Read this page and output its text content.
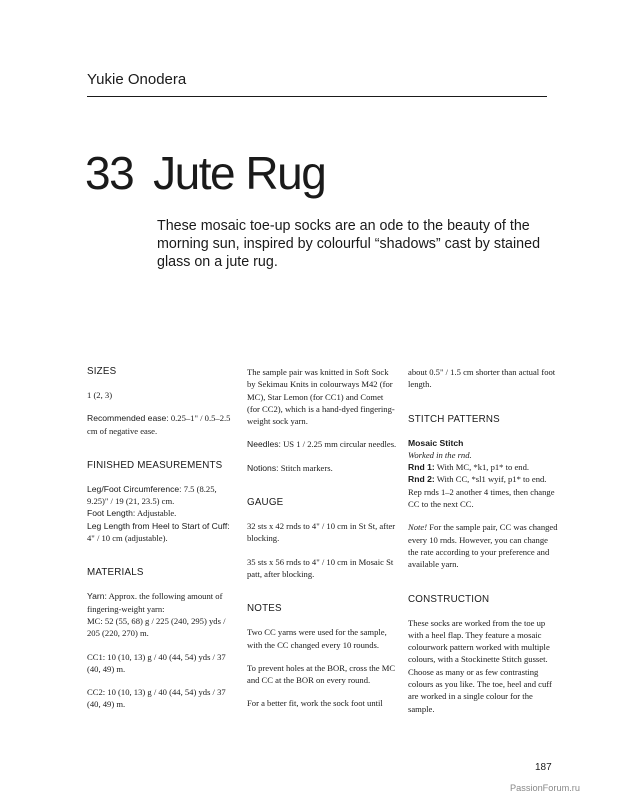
Yukie Onodera
33 Jute Rug
These mosaic toe-up socks are an ode to the beauty of the morning sun, inspired by colourful “shadows” cast by stained glass on a jute rug.
SIZES
1 (2, 3)
Recommended ease: 0.25–1" / 0.5–2.5 cm of negative ease.
FINISHED MEASUREMENTS
Leg/Foot Circumference: 7.5 (8.25, 9.25)" / 19 (21, 23.5) cm.
Foot Length: Adjustable.
Leg Length from Heel to Start of Cuff: 4" / 10 cm (adjustable).
MATERIALS
Yarn: Approx. the following amount of fingering-weight yarn:
MC: 52 (55, 68) g / 225 (240, 295) yds / 205 (220, 270) m.
CC1: 10 (10, 13) g / 40 (44, 54) yds / 37 (40, 49) m.
CC2: 10 (10, 13) g / 40 (44, 54) yds / 37 (40, 49) m.
The sample pair was knitted in Soft Sock by Sekimau Knits in colourways M42 (for MC), Star Lemon (for CC1) and Comet (for CC2), which is a hand-dyed fingering-weight sock yarn.
Needles: US 1 / 2.25 mm circular needles.
Notions: Stitch markers.
GAUGE
32 sts x 42 rnds to 4" / 10 cm in St St, after blocking.
35 sts x 56 rnds to 4" / 10 cm in Mosaic St patt, after blocking.
NOTES
Two CC yarns were used for the sample, with the CC changed every 10 rounds.
To prevent holes at the BOR, cross the MC and CC at the BOR on every round.
For a better fit, work the sock foot until
about 0.5" / 1.5 cm shorter than actual foot length.
STITCH PATTERNS
Mosaic Stitch
Worked in the rnd.
Rnd 1: With MC, *k1, p1* to end.
Rnd 2: With CC, *sl1 wyif, p1* to end.
Rep rnds 1–2 another 4 times, then change CC to the next CC.
Note! For the sample pair, CC was changed every 10 rnds. However, you can change the rate according to your preference and available yarn.
CONSTRUCTION
These socks are worked from the toe up with a heel flap. They feature a mosaic colourwork pattern worked with multiple colours, with a Stockinette Stitch gusset. Choose as many or as few contrasting colours as you like. The toe, heel and cuff are worked in a single colour for the sample.
187
PassionForum.ru
